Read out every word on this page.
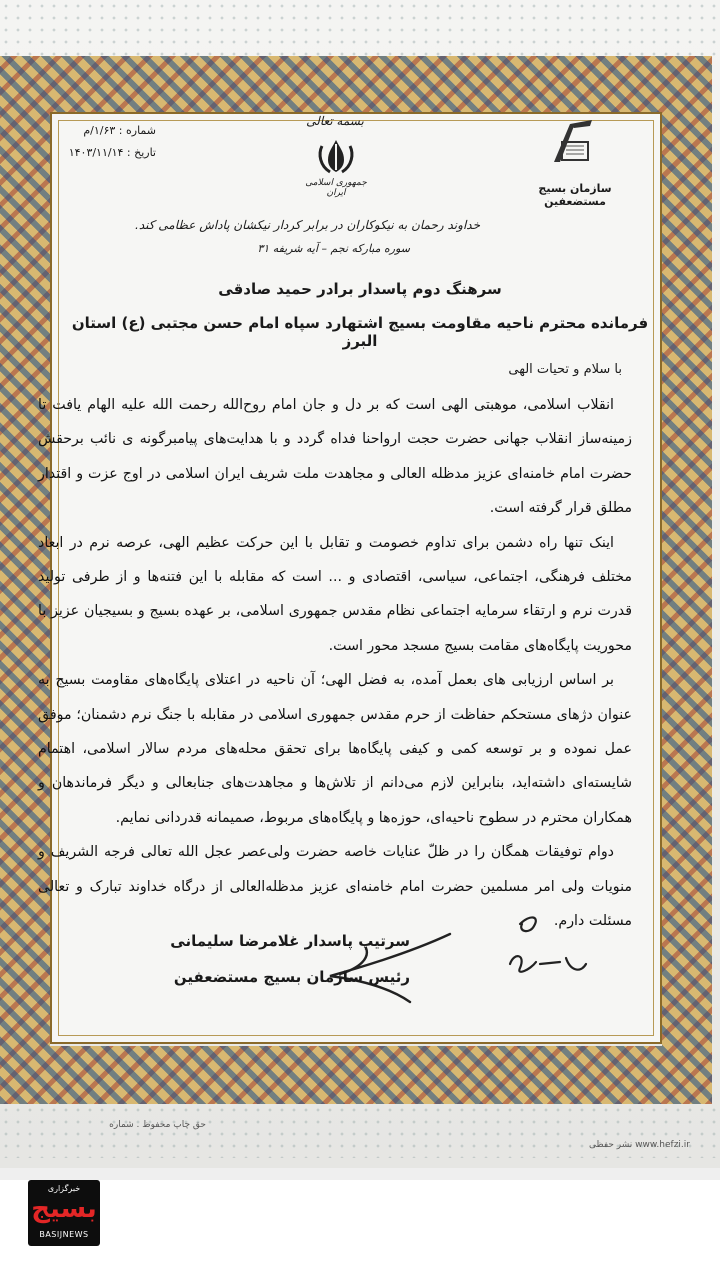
سازمان بسیج مستضعفین
بسمه تعالی
جمهوری اسلامی ایران
شماره : ۱/۶۳/م
تاریخ : ۱۴۰۳/۱۱/۱۴
خداوند رحمان به نیکوکاران در برابر کردار نیکشان پاداش عظامی کند.
سوره مبارکه نجم – آیه شریفه ۳۱
سرهنگ دوم پاسدار برادر حمید صادقی
فرمانده محترم ناحیه مقاومت بسیج اشتهارد سپاه امام حسن مجتبی (ع) استان البرز
با سلام و تحیات الهی

انقلاب اسلامی، موهبتی الهی است که بر دل و جان امام روح‌الله رحمت الله علیه الهام یافت تا زمینه‌ساز انقلاب جهانی حضرت حجت ارواحنا فداه گردد و با هدایت‌های پیامبرگونه ی نائب برحقش حضرت امام خامنه‌ای عزیز مدظله العالی و مجاهدت ملت شریف ایران اسلامی در اوج عزت و اقتدار مطلق قرار گرفته است.

اینک تنها راه دشمن برای تداوم خصومت و تقابل با این حرکت عظیم الهی، عرصه نرم در ابعاد مختلف فرهنگی، اجتماعی، سیاسی، اقتصادی و ... است که مقابله با این فتنه‌ها و از طرفی تولید قدرت نرم و ارتقاء سرمایه اجتماعی نظام مقدس جمهوری اسلامی، بر عهده بسیج و بسیجیان عزیز با محوریت پایگاه‌های مقامت بسیج مسجد محور است.

بر اساس ارزیابی های بعمل آمده، به فضل الهی؛ آن ناحیه در اعتلای پایگاه‌های مقاومت بسیج به عنوان دژهای مستحکم حفاظت از حرم مقدس جمهوری اسلامی در مقابله با جنگ نرم دشمنان؛ موفق عمل نموده و بر توسعه کمی و کیفی پایگاه‌ها برای تحقق محله‌های مردم سالار اسلامی، اهتمام شایسته‌ای داشته‌اید، بنابراین لازم می‌دانم از تلاش‌ها و مجاهدت‌های جنابعالی و دیگر فرماندهان و همکاران محترم در سطوح ناحیه‌ای، حوزه‌ها و پایگاه‌های مربوط، صمیمانه قدردانی نمایم.

دوام توفیقات همگان را در ظلّ عنایات خاصه حضرت ولی‌عصر عجل الله تعالی فرجه الشریف و منویات ولی امر مسلمین حضرت امام خامنه‌ای عزیز مدظله‌العالی از درگاه خداوند تبارک و تعالی مسئلت دارم.

سرتیپ پاسدار غلامرضا سلیمانی
رئیس سازمان بسیج مستضعفین
حق چاپ محفوظ . شماره
www.hefzi.ir نشر حفظی
خبرگزاری
بسیج
BASIJNEWS
